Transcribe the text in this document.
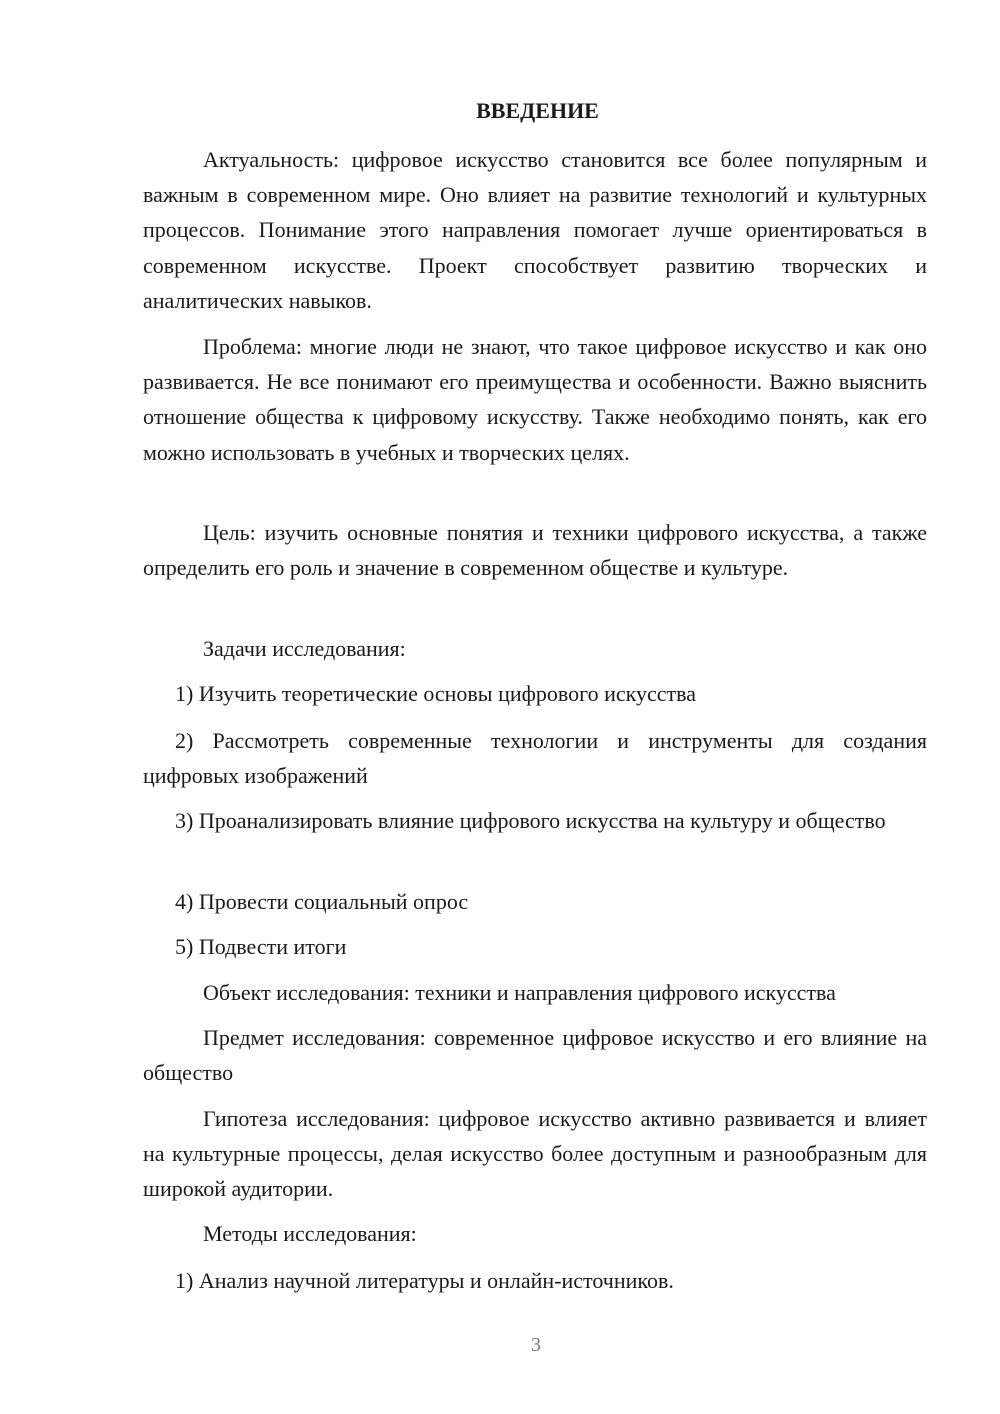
ВВЕДЕНИЕ
Актуальность: цифровое искусство становится все более популярным и важным в современном мире. Оно влияет на развитие технологий и культурных процессов. Понимание этого направления помогает лучше ориентироваться в современном искусстве. Проект способствует развитию творческих и аналитических навыков.
Проблема: многие люди не знают, что такое цифровое искусство и как оно развивается. Не все понимают его преимущества и особенности. Важно выяснить отношение общества к цифровому искусству. Также необходимо понять, как его можно использовать в учебных и творческих целях.
Цель: изучить основные понятия и техники цифрового искусства, а также определить его роль и значение в современном обществе и культуре.
Задачи исследования:
1) Изучить теоретические основы цифрового искусства
2) Рассмотреть современные технологии и инструменты для создания цифровых изображений
3) Проанализировать влияние цифрового искусства на культуру и общество
4) Провести социальный опрос
5) Подвести итоги
Объект исследования: техники и направления цифрового искусства
Предмет исследования: современное цифровое искусство и его влияние на общество
Гипотеза исследования: цифровое искусство активно развивается и влияет на культурные процессы, делая искусство более доступным и разнообразным для широкой аудитории.
Методы исследования:
1) Анализ научной литературы и онлайн-источников.
3
